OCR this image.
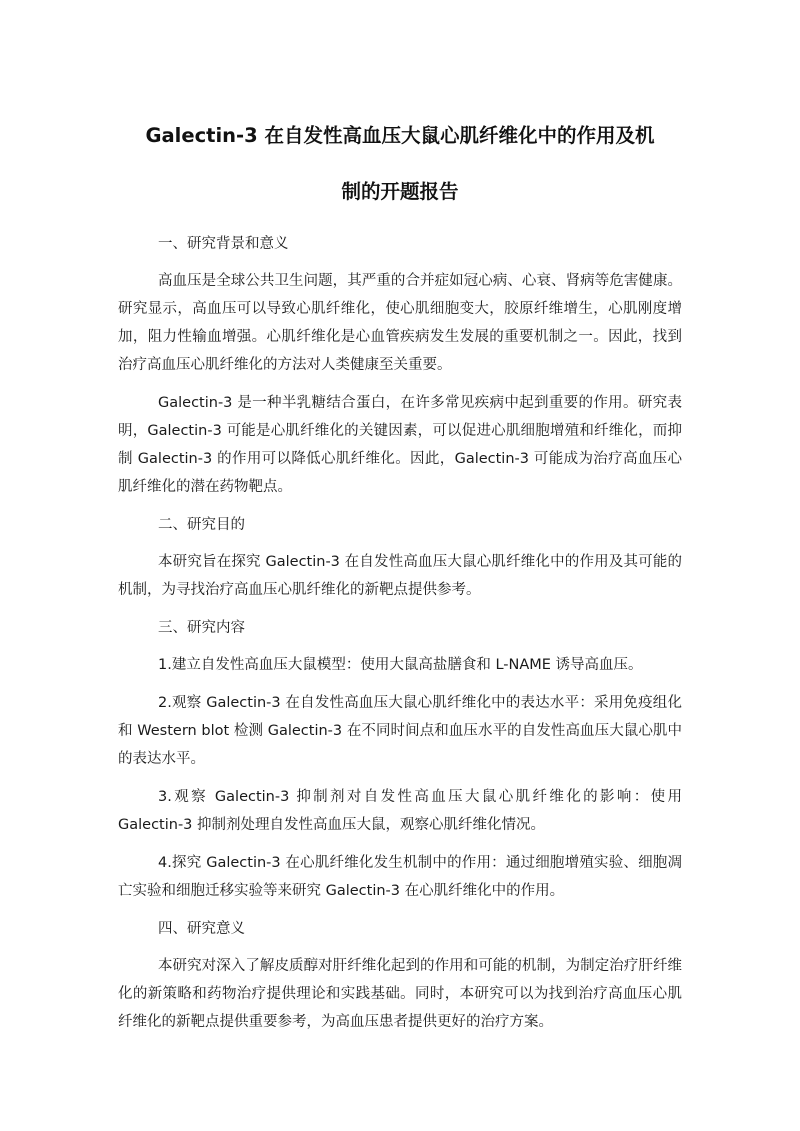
Galectin-3 在自发性高血压大鼠心肌纤维化中的作用及机
制的开题报告

一、研究背景和意义

高血压是全球公共卫生问题，其严重的合并症如冠心病、心衰、肾病等危害健康。研究显示，高血压可以导致心肌纤维化，使心肌细胞变大，胶原纤维增生，心肌刚度增加，阻力性输血增强。心肌纤维化是心血管疾病发生发展的重要机制之一。因此，找到治疗高血压心肌纤维化的方法对人类健康至关重要。

Galectin-3 是一种半乳糖结合蛋白，在许多常见疾病中起到重要的作用。研究表明，Galectin-3 可能是心肌纤维化的关键因素，可以促进心肌细胞增殖和纤维化，而抑制 Galectin-3 的作用可以降低心肌纤维化。因此，Galectin-3 可能成为治疗高血压心肌纤维化的潜在药物靶点。

二、研究目的

本研究旨在探究 Galectin-3 在自发性高血压大鼠心肌纤维化中的作用及其可能的机制，为寻找治疗高血压心肌纤维化的新靶点提供参考。

三、研究内容

1.建立自发性高血压大鼠模型：使用大鼠高盐膳食和 L-NAME 诱导高血压。

2.观察 Galectin-3 在自发性高血压大鼠心肌纤维化中的表达水平：采用免疫组化和 Western blot 检测 Galectin-3 在不同时间点和血压水平的自发性高血压大鼠心肌中的表达水平。

3.观察 Galectin-3 抑制剂对自发性高血压大鼠心肌纤维化的影响：使用 Galectin-3 抑制剂处理自发性高血压大鼠，观察心肌纤维化情况。

4.探究 Galectin-3 在心肌纤维化发生机制中的作用：通过细胞增殖实验、细胞凋亡实验和细胞迁移实验等来研究 Galectin-3 在心肌纤维化中的作用。

四、研究意义

本研究对深入了解皮质醇对肝纤维化起到的作用和可能的机制，为制定治疗肝纤维化的新策略和药物治疗提供理论和实践基础。同时，本研究可以为找到治疗高血压心肌纤维化的新靶点提供重要参考，为高血压患者提供更好的治疗方案。
